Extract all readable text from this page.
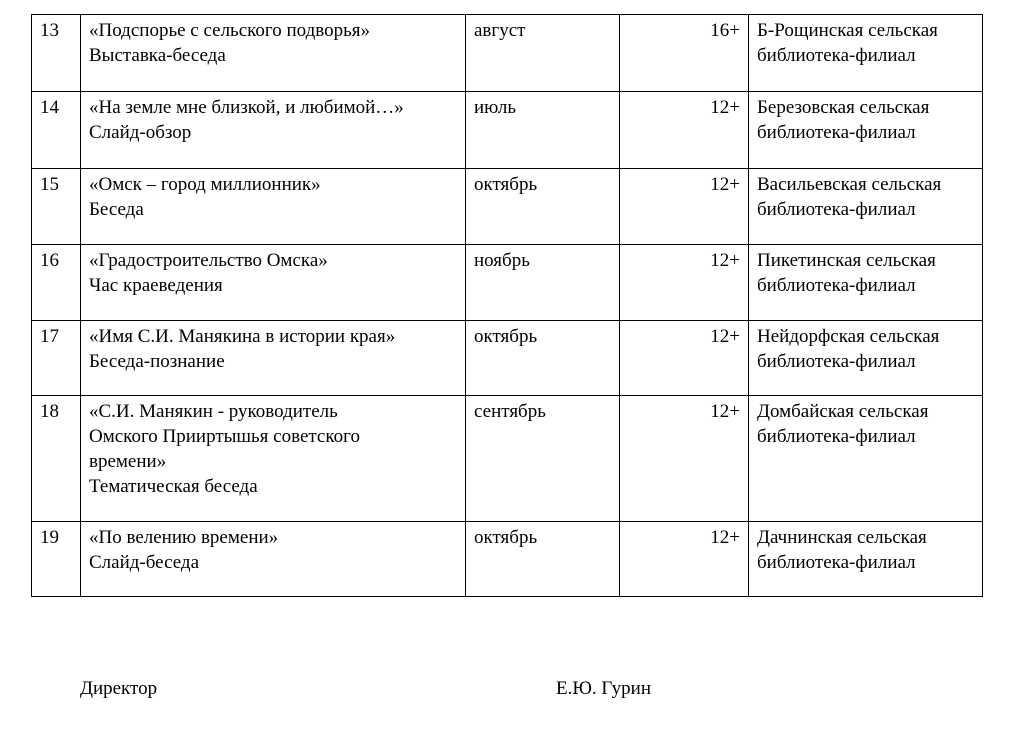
13	«Подспорье с сельского подворья»
Выставка-беседа	август	16+	Б-Рощинская сельская
библиотека-филиал

14	«На земле мне близкой, и любимой…»
Слайд-обзор	июль	12+	Березовская сельская
библиотека-филиал

15	«Омск – город миллионник»
Беседа	октябрь	12+	Васильевская сельская
библиотека-филиал

16	«Градостроительство Омска»
Час краеведения	ноябрь	12+	Пикетинская сельская
библиотека-филиал

17	«Имя С.И. Манякина в истории края»
Беседа-познание	октябрь	12+	Нейдорфская сельская
библиотека-филиал

18	«С.И. Манякин - руководитель
Омского Прииртышья советского
времени»
Тематическая беседа	сентябрь	12+	Домбайская сельская
библиотека-филиал

19	«По велению времени»
Слайд-беседа	октябрь	12+	Дачнинская сельская
библиотека-филиал
Директор	Е.Ю. Гурин
